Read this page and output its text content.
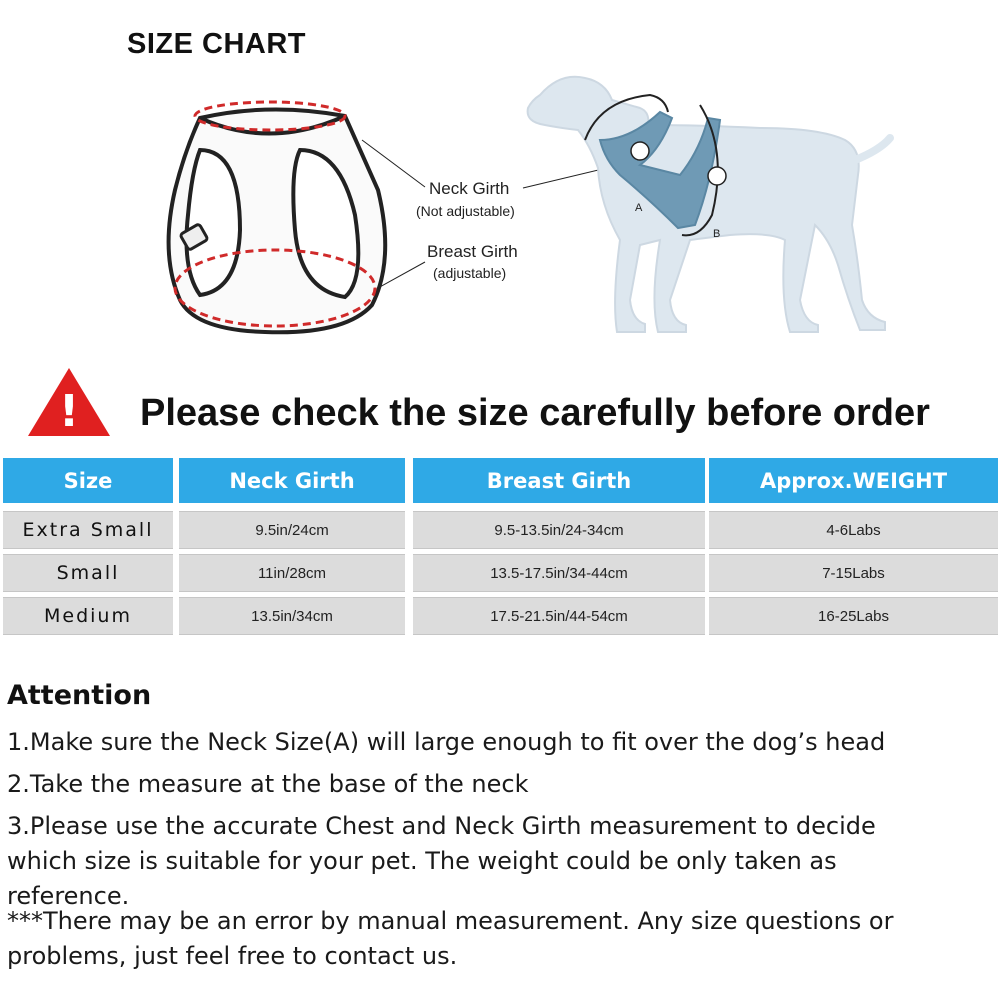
SIZE CHART
A
B
Neck Girth
(Not adjustable)
Breast Girth
(adjustable)
! Please check the size carefully before order
Size	Neck Girth	Breast Girth	Approx.WEIGHT
Extra Small	9.5in/24cm	9.5-13.5in/24-34cm	4-6Labs
Small	11in/28cm	13.5-17.5in/34-44cm	7-15Labs
Medium	13.5in/34cm	17.5-21.5in/44-54cm	16-25Labs
Attention
1.Make sure the Neck Size(A) will large enough to fit over the dog’s head
2.Take the measure at the base of the neck
3.Please use the accurate Chest and Neck Girth measurement to decide which size is suitable for your pet. The weight could be only taken as reference.
***There may be an error by manual measurement. Any size questions or problems, just feel free to contact us.
